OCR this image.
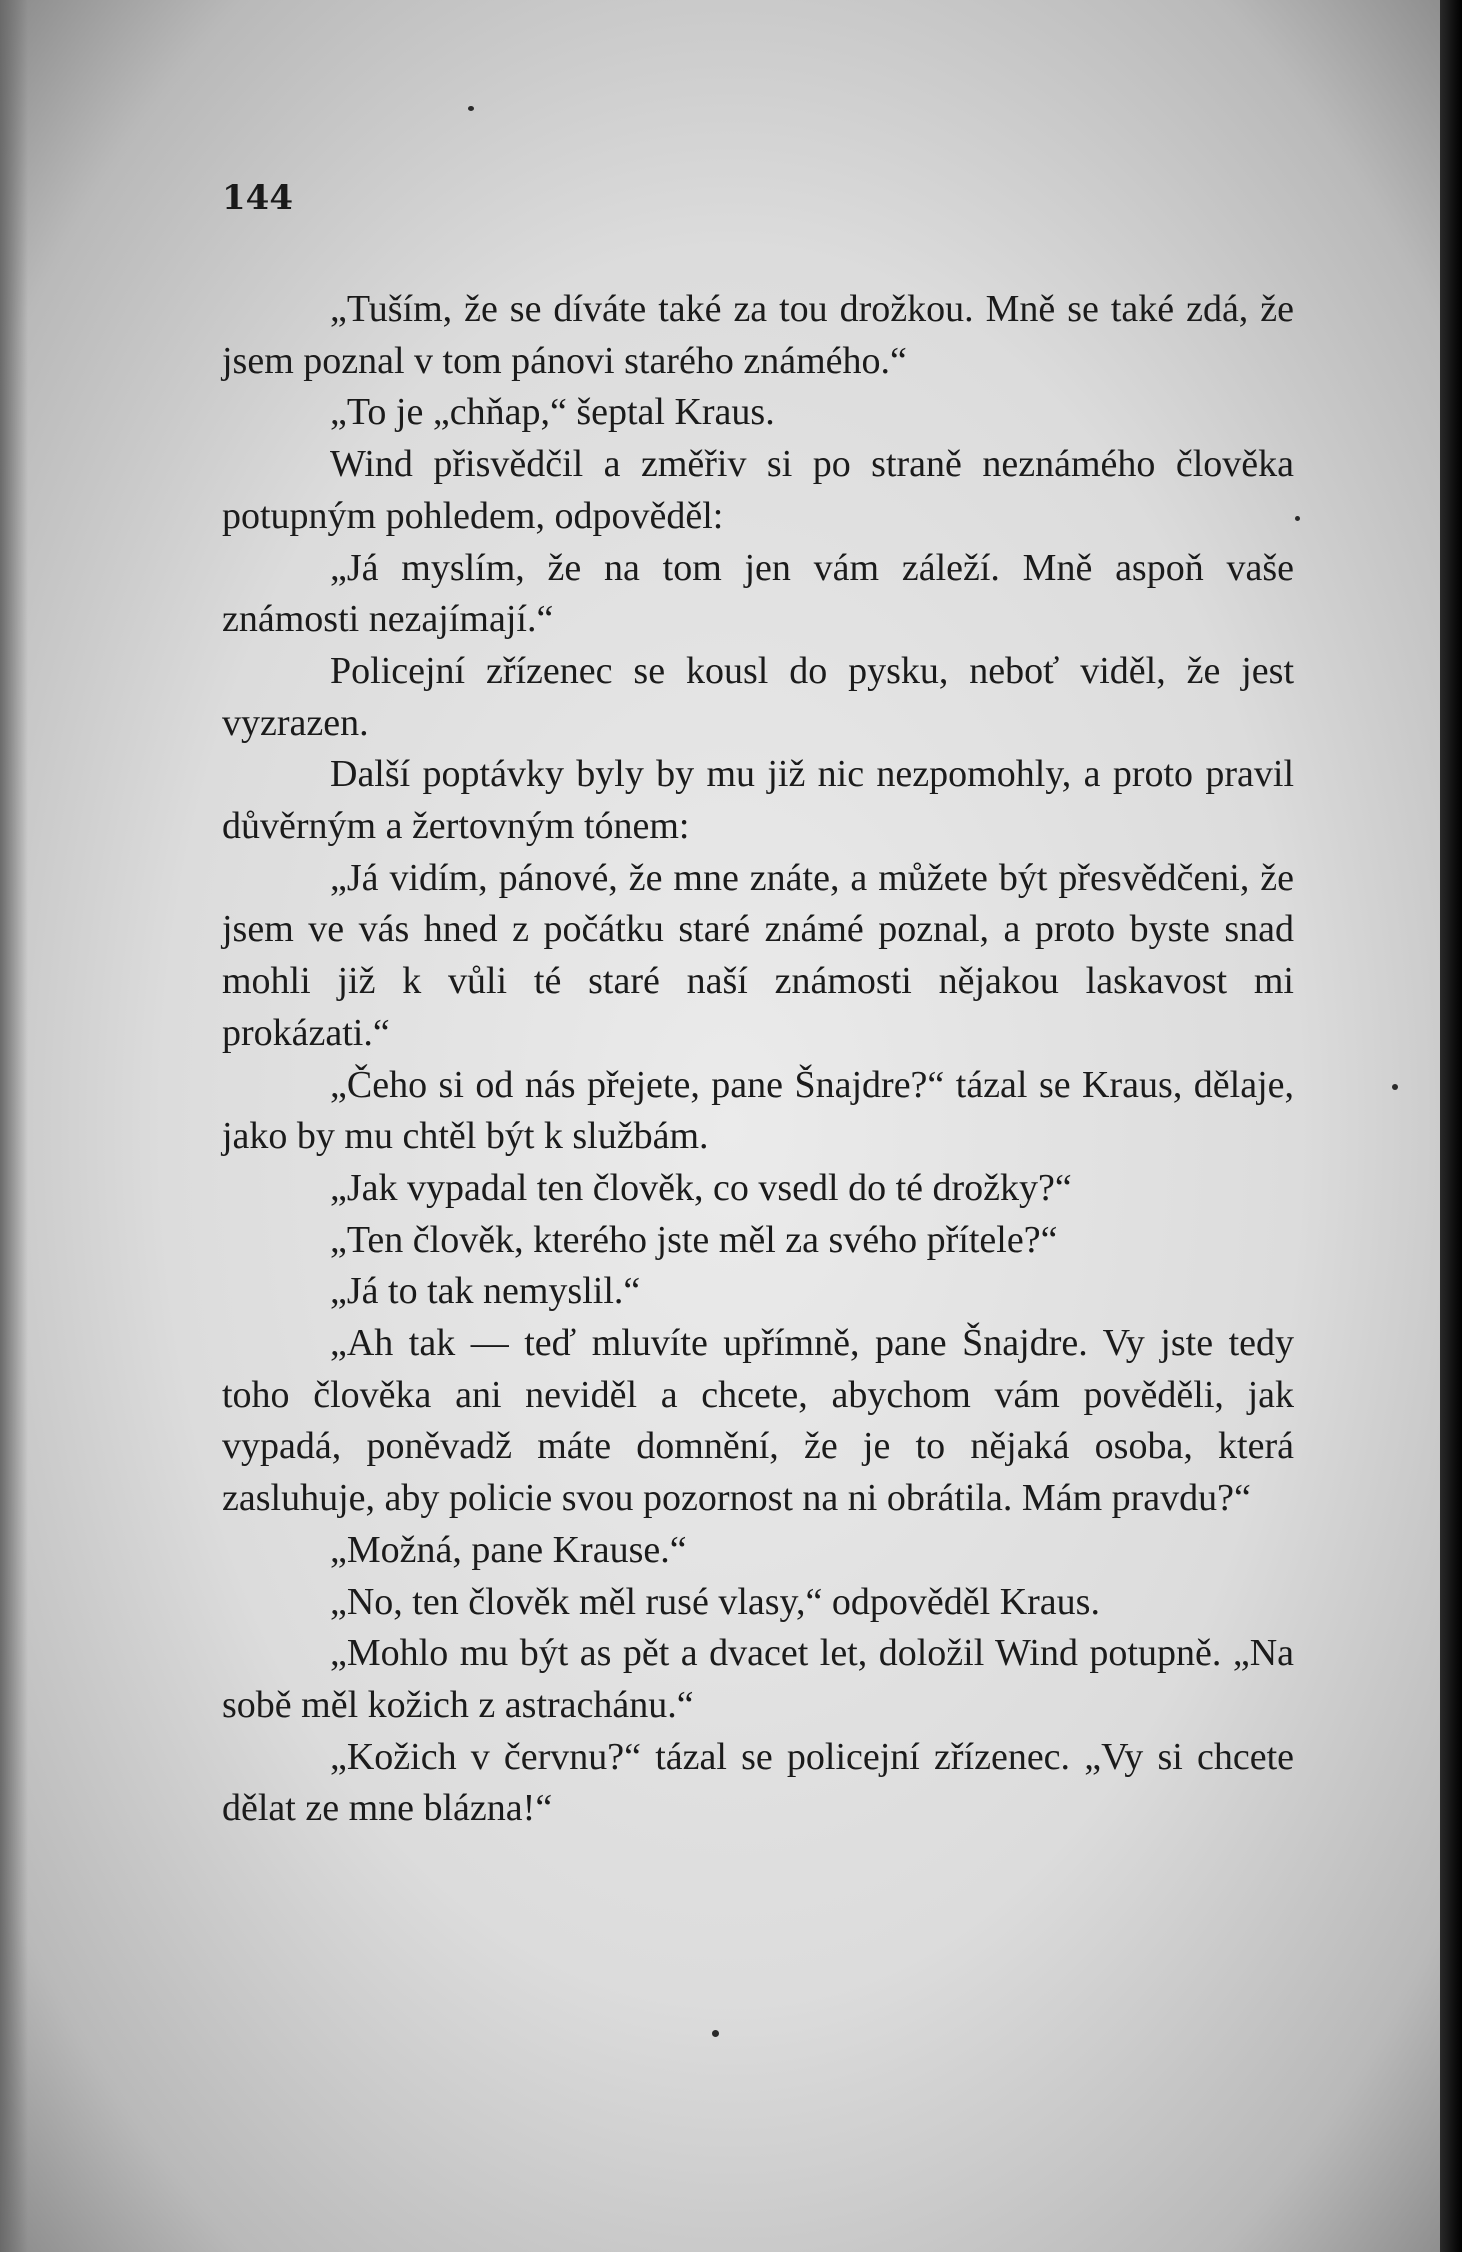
144

„Tuším, že se díváte také za tou drožkou. Mně se také zdá, že jsem poznal v tom pánovi starého známého.“

„To je „chňap,“ šeptal Kraus.

Wind přisvědčil a změřiv si po straně neznámého člověka potupným pohledem, odpověděl:

„Já myslím, že na tom jen vám záleží. Mně aspoň vaše známosti nezajímají.“

Policejní zřízenec se kousl do pysku, neboť viděl, že jest vyzrazen.

Další poptávky byly by mu již nic nezpomohly, a proto pravil důvěrným a žertovným tónem:

„Já vidím, pánové, že mne znáte, a můžete být přesvědčeni, že jsem ve vás hned z počátku staré známé poznal, a proto byste snad mohli již k vůli té staré naší známosti nějakou laskavost mi prokázati.“

„Čeho si od nás přejete, pane Šnajdre?“ tázal se Kraus, dělaje, jako by mu chtěl být k službám.

„Jak vypadal ten člověk, co vsedl do té drožky?“

„Ten člověk, kterého jste měl za svého přítele?“

„Já to tak nemyslil.“

„Ah tak — teď mluvíte upřímně, pane Šnajdre. Vy jste tedy toho člověka ani neviděl a chcete, abychom vám pověděli, jak vypadá, poněvadž máte domnění, že je to nějaká osoba, která zasluhuje, aby policie svou pozornost na ni obrátila. Mám pravdu?“

„Možná, pane Krause.“

„No, ten člověk měl rusé vlasy,“ odpověděl Kraus.

„Mohlo mu být as pět a dvacet let, doložil Wind potupně. „Na sobě měl kožich z astrachánu.“

„Kožich v červnu?“ tázal se policejní zřízenec. „Vy si chcete dělat ze mne blázna!“
